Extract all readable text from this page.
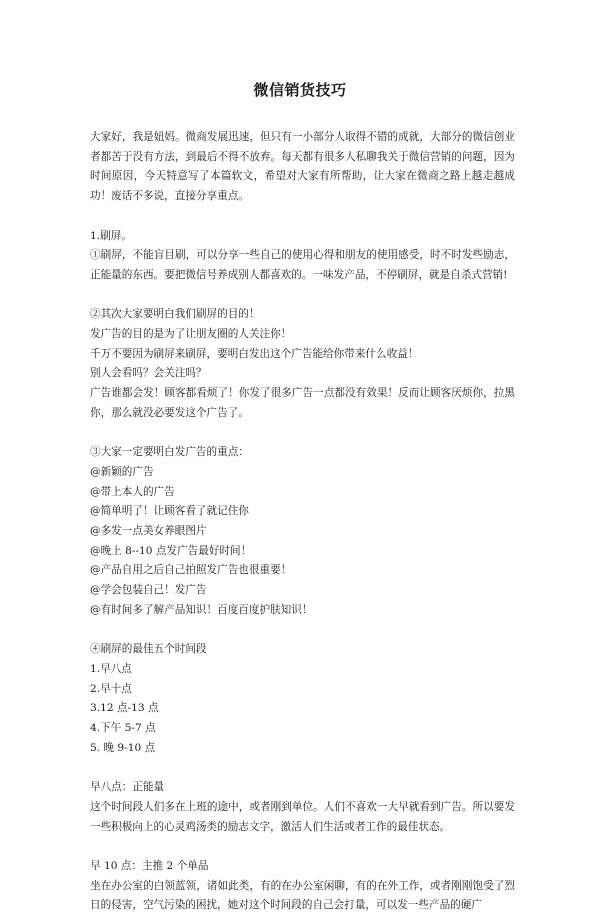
微信销货技巧

大家好，我是妞妈。微商发展迅速，但只有一小部分人取得不错的成就，大部分的微信创业者都苦于没有方法，到最后不得不放弃。每天都有很多人私聊我关于微信营销的问题，因为时间原因，今天特意写了本篇软文，希望对大家有所帮助，让大家在微商之路上越走越成功！废话不多说，直接分享重点。

1.刷屏。

①刷屏，不能盲目刷，可以分享一些自己的使用心得和朋友的使用感受，时不时发些励志，正能量的东西。要把微信号养成别人都喜欢的。一味发产品，不停刷屏，就是自杀式营销!

②其次大家要明白我们刷屏的目的！

发广告的目的是为了让朋友圈的人关注你！

千万不要因为刷屏来刷屏，要明白发出这个广告能给你带来什么收益！

别人会看吗？会关注吗？

广告谁都会发！顾客都看烦了！你发了很多广告一点都没有效果！反而让顾客厌烦你，拉黑你，那么就没必要发这个广告了。

③大家一定要明白发广告的重点：

@新颖的广告

@带上本人的广告

@简单明了！让顾客看了就记住你

@多发一点美女养眼图片

@晚上 8--10 点发广告最好时间！

@产品自用之后自己拍照发广告也很重要！

@学会包装自己！发广告

@有时间多了解产品知识！百度百度护肤知识！

④刷屏的最佳五个时间段

1.早八点

2.早十点

3.12 点-13 点

4.下午 5-7 点

5. 晚 9-10 点

早八点：正能量

这个时间段人们多在上班的途中，或者刚到单位。人们不喜欢一大早就看到广告。所以要发一些积极向上的心灵鸡汤类的励志文字，激活人们生活或者工作的最佳状态。

早 10 点：主推 2 个单品

坐在办公室的白领蓝领，诸如此类，有的在办公室闲聊，有的在外工作，或者刚刚饱受了烈日的侵害，空气污染的困扰，她对这个时间段的自己会打量，可以发一些产品的硬广
